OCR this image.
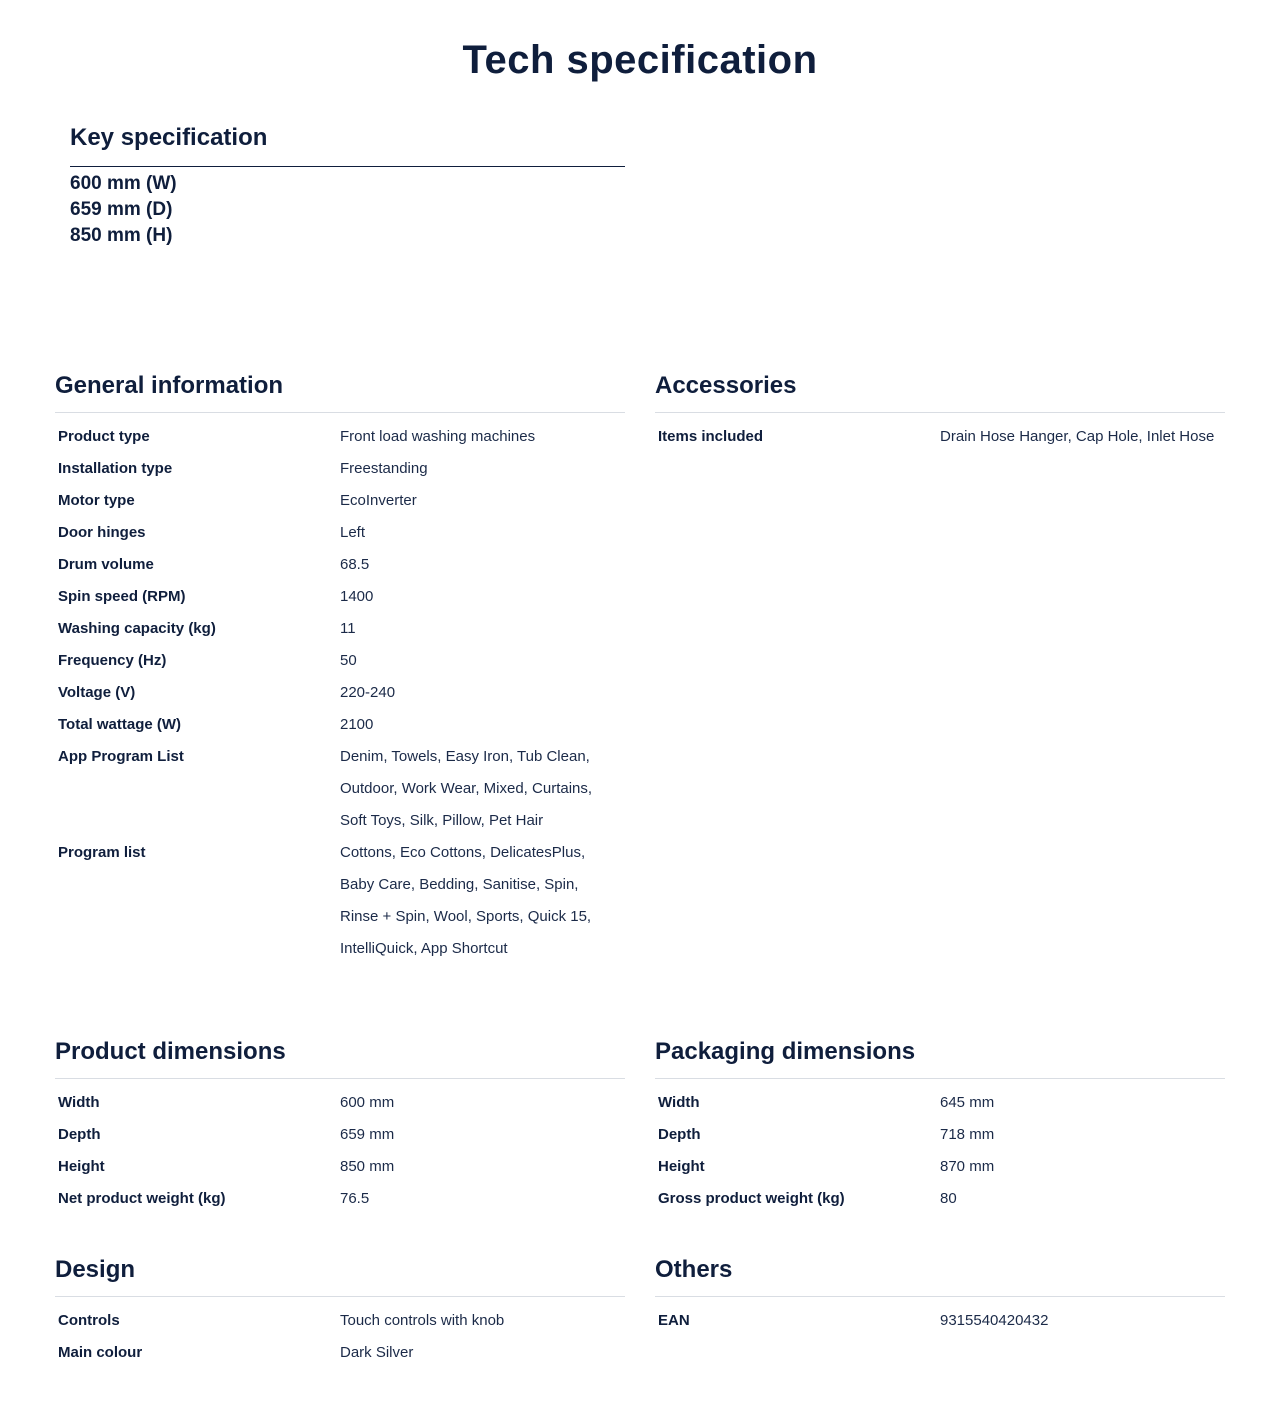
Tech specification
Key specification
600 mm (W)
659 mm (D)
850 mm (H)
General information
Product type	Front load washing machines
Installation type	Freestanding
Motor type	EcoInverter
Door hinges	Left
Drum volume	68.5
Spin speed (RPM)	1400
Washing capacity (kg)	11
Frequency (Hz)	50
Voltage (V)	220-240
Total wattage (W)	2100
App Program List	Denim, Towels, Easy Iron, Tub Clean, Outdoor, Work Wear, Mixed, Curtains, Soft Toys, Silk, Pillow, Pet Hair
Program list	Cottons, Eco Cottons, DelicatesPlus, Baby Care, Bedding, Sanitise, Spin, Rinse + Spin, Wool, Sports, Quick 15, IntelliQuick, App Shortcut
Accessories
Items included	Drain Hose Hanger, Cap Hole, Inlet Hose
Product dimensions
Width	600 mm
Depth	659 mm
Height	850 mm
Net product weight (kg)	76.5
Packaging dimensions
Width	645 mm
Depth	718 mm
Height	870 mm
Gross product weight (kg)	80
Design
Controls	Touch controls with knob
Main colour	Dark Silver
Others
EAN	9315540420432
